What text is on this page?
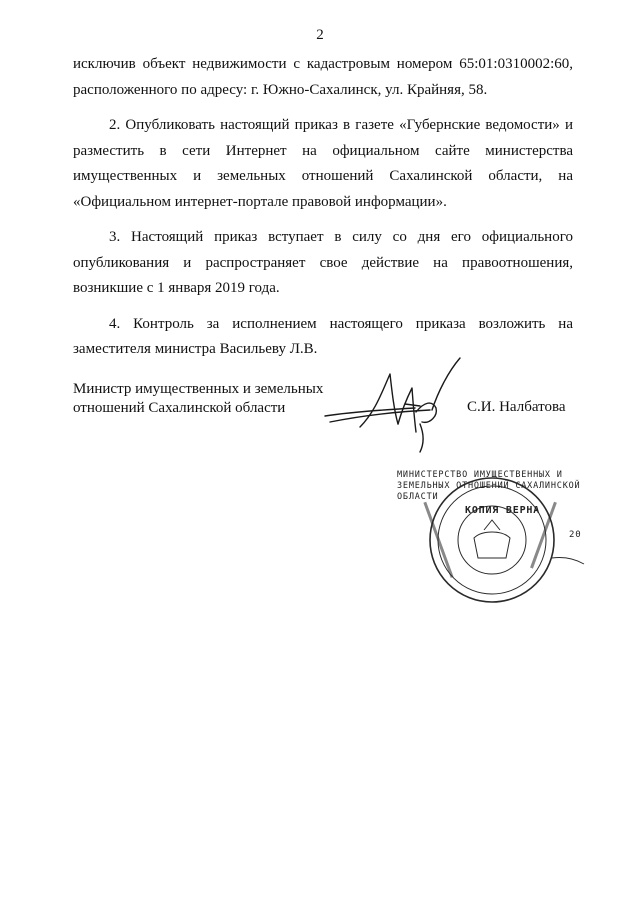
2

исключив объект недвижимости с кадастровым номером 65:01:0310002:60, расположенного по адресу: г. Южно-Сахалинск, ул. Крайняя, 58.

2. Опубликовать настоящий приказ в газете «Губернские ведомости» и разместить в сети Интернет на официальном сайте министерства имущественных и земельных отношений Сахалинской области, на «Официальном интернет-портале правовой информации».

3. Настоящий приказ вступает в силу со дня его официального опубликования и распространяет свое действие на правоотношения, возникшие с 1 января 2019 года.

4. Контроль за исполнением настоящего приказа возложить на заместителя министра Васильеву Л.В.

Министр имущественных и земельных
отношений Сахалинской области	С.И. Налбатова
МИНИСТЕРСТВО ИМУЩЕСТВЕННЫХ И
ЗЕМЕЛЬНЫХ ОТНОШЕНИЙ САХАЛИНСКОЙ
ОБЛАСТИ
КОПИЯ ВЕРНА
20
